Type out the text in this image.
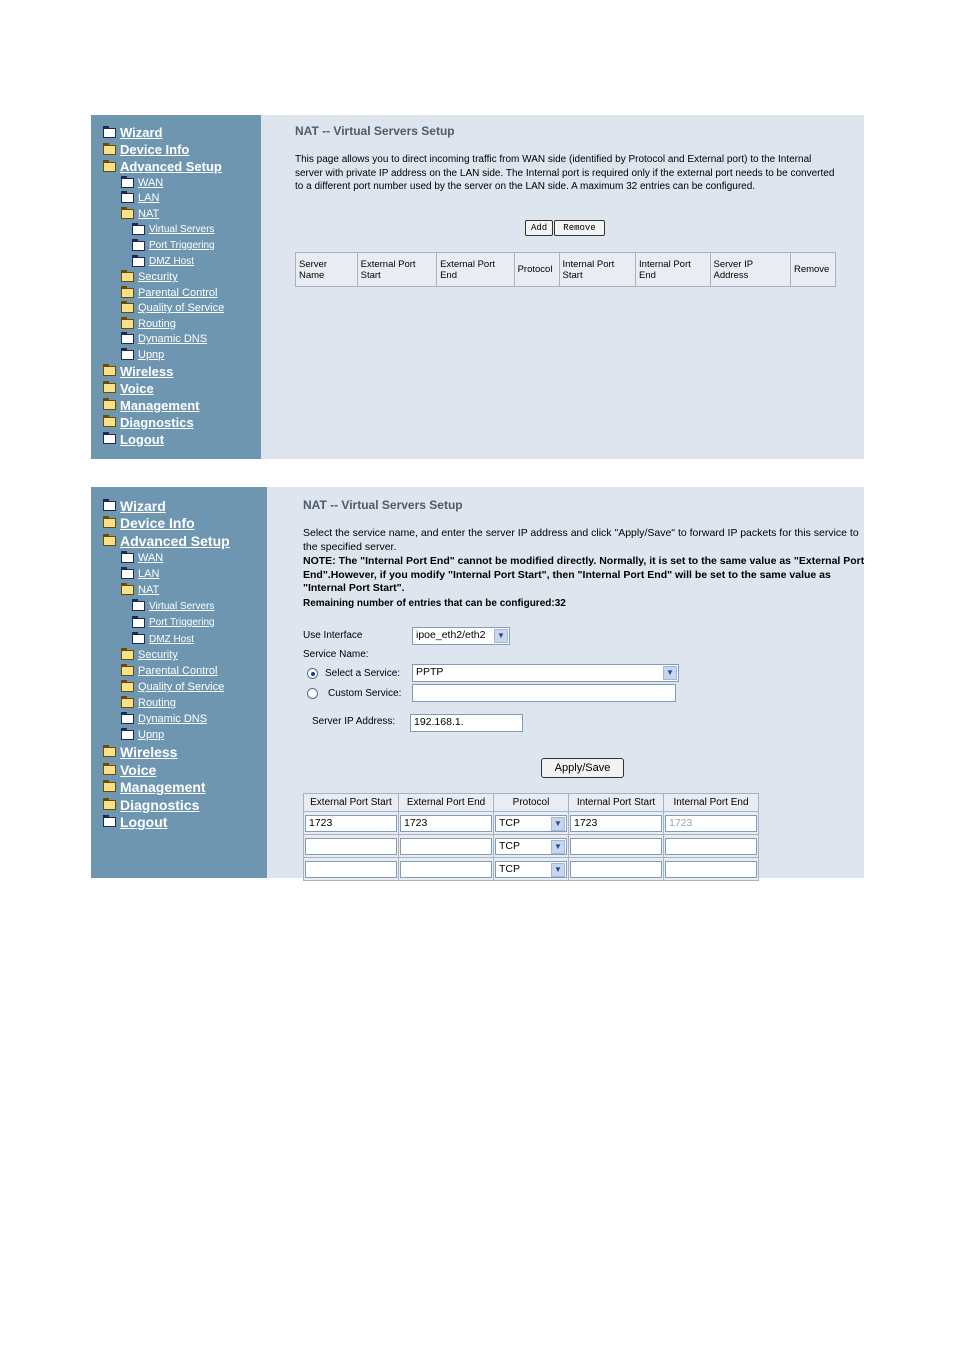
Wizard
Device Info
Advanced Setup
WAN
LAN
NAT
Virtual Servers
Port Triggering
DMZ Host
Security
Parental Control
Quality of Service
Routing
Dynamic DNS
Upnp
Wireless
Voice
Management
Diagnostics
Logout
NAT -- Virtual Servers Setup
This page allows you to direct incoming traffic from WAN side (identified by Protocol and External port) to the Internal server with private IP address on the LAN side. The Internal port is required only if the external port needs to be converted to a different port number used by the server on the LAN side. A maximum 32 entries can be configured.
Add	Remove
Server Name	External Port Start	External Port End	Protocol	Internal Port Start	Internal Port End	Server IP Address	Remove
Wizard
Device Info
Advanced Setup
WAN
LAN
NAT
Virtual Servers
Port Triggering
DMZ Host
Security
Parental Control
Quality of Service
Routing
Dynamic DNS
Upnp
Wireless
Voice
Management
Diagnostics
Logout
NAT -- Virtual Servers Setup
Select the service name, and enter the server IP address and click "Apply/Save" to forward IP packets for this service to the specified server.
NOTE: The "Internal Port End" cannot be modified directly. Normally, it is set to the same value as "External Port End".However, if you modify "Internal Port Start", then "Internal Port End" will be set to the same value as "Internal Port Start".
Remaining number of entries that can be configured:32
Use Interface	ipoe_eth2/eth2	▼
Service Name:
Select a Service:	PPTP	▼
Custom Service:
Server IP Address:	192.168.1.
Apply/Save
External Port Start	External Port End	Protocol	Internal Port Start	Internal Port End

1723	1723	TCP ▼	1723	1723

		TCP ▼		

		TCP ▼		
